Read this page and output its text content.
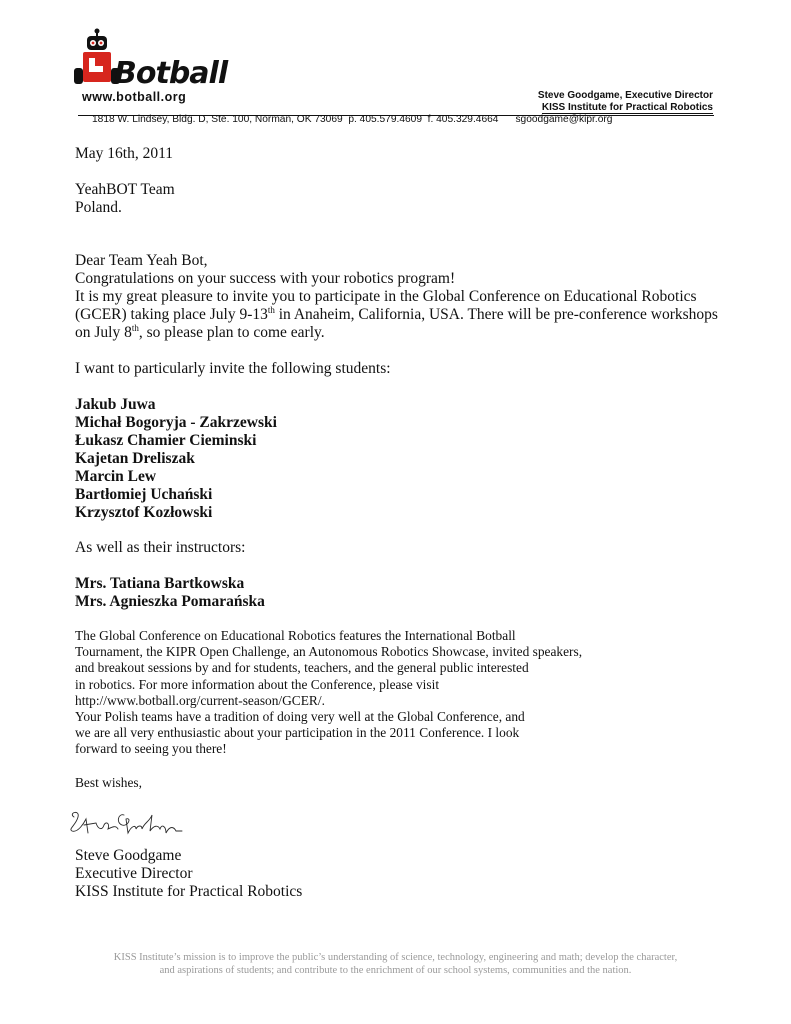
Botball
www.botball.org	Steve Goodgame, Executive Director
KISS Institute for Practical Robotics
1818 W. Lindsey, Bldg. D, Ste. 100, Norman, OK 73069  p. 405.579.4609  f. 405.329.4664 sgoodgame@kipr.org
May 16th, 2011
YeahBOT Team
Poland.
Dear Team Yeah Bot,
Congratulations on your success with your robotics program!
It is my great pleasure to invite you to participate in the Global Conference on Educational Robotics
(GCER) taking place July 9-13th in Anaheim, California, USA. There will be pre-conference workshops
on July 8th, so please plan to come early.
I want to particularly invite the following students:
Jakub Juwa
Michał Bogoryja - Zakrzewski
Łukasz Chamier Cieminski
Kajetan Dreliszak
Marcin Lew
Bartłomiej Uchański
Krzysztof Kozłowski
As well as their instructors:
Mrs. Tatiana Bartkowska
Mrs. Agnieszka Pomarańska
The Global Conference on Educational Robotics features the International Botball
Tournament, the KIPR Open Challenge, an Autonomous Robotics Showcase, invited speakers,
and breakout sessions by and for students, teachers, and the general public interested
in robotics. For more information about the Conference, please visit
http://www.botball.org/current-season/GCER/.
Your Polish teams have a tradition of doing very well at the Global Conference, and
we are all very enthusiastic about your participation in the 2011 Conference. I look
forward to seeing you there!
Best wishes,
Steve Goodgame
Executive Director
KISS Institute for Practical Robotics
KISS Institute’s mission is to improve the public’s understanding of science, technology, engineering and math; develop the character,
and aspirations of students; and contribute to the enrichment of our school systems, communities and the nation.
